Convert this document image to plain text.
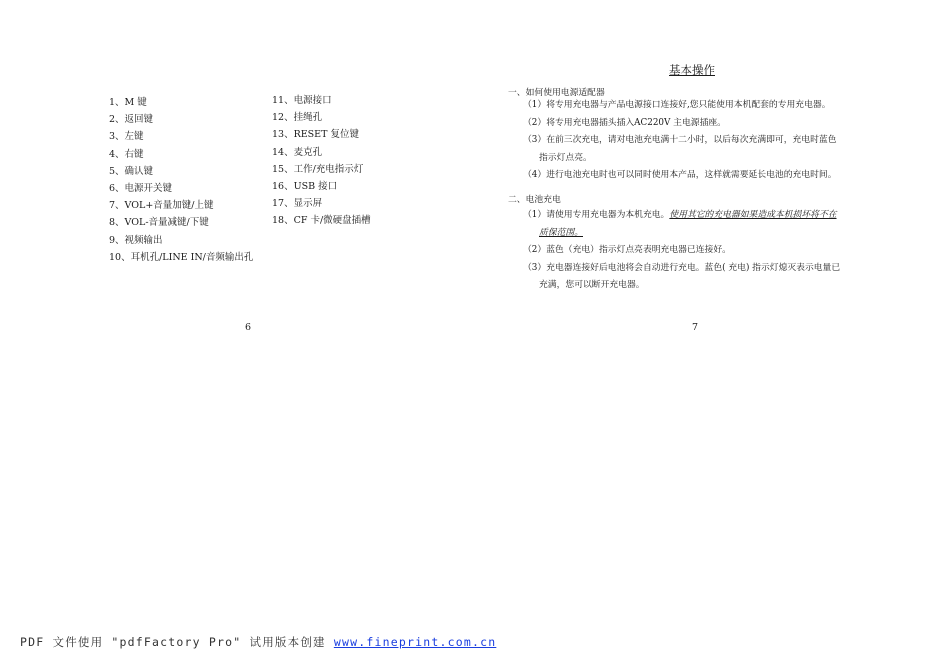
1、M 键
2、返回键
3、左键
4、右键
5、确认键
6、电源开关键
7、VOL+音量加键/上键
8、VOL-音量减键/下键
9、视频输出
10、耳机孔/LINE IN/音频输出孔
11、电源接口
12、挂绳孔
13、RESET 复位键
14、麦克孔
15、工作/充电指示灯
16、USB 接口
17、显示屏
18、CF 卡/微硬盘插槽
6
基本操作
一、如何使用电源适配器
（1）将专用充电器与产品电源接口连接好,您只能使用本机配套的专用充电器。
（2）将专用充电器插头插入AC220V 主电源插座。
（3）在前三次充电，请对电池充电满十二小时，以后每次充满即可，充电时蓝色
指示灯点亮。
（4）进行电池充电时也可以同时使用本产品，这样就需要延长电池的充电时间。
二、电池充电
（1）请使用专用充电器为本机充电。使用其它的充电器如果造成本机损坏将不在
质保范围。
（2）蓝色（充电）指示灯点亮表明充电器已连接好。
（3）充电器连接好后电池将会自动进行充电。蓝色( 充电) 指示灯熄灭表示电量已
充满，您可以断开充电器。
7
PDF 文件使用 "pdfFactory Pro" 试用版本创建 www.fineprint.com.cn
